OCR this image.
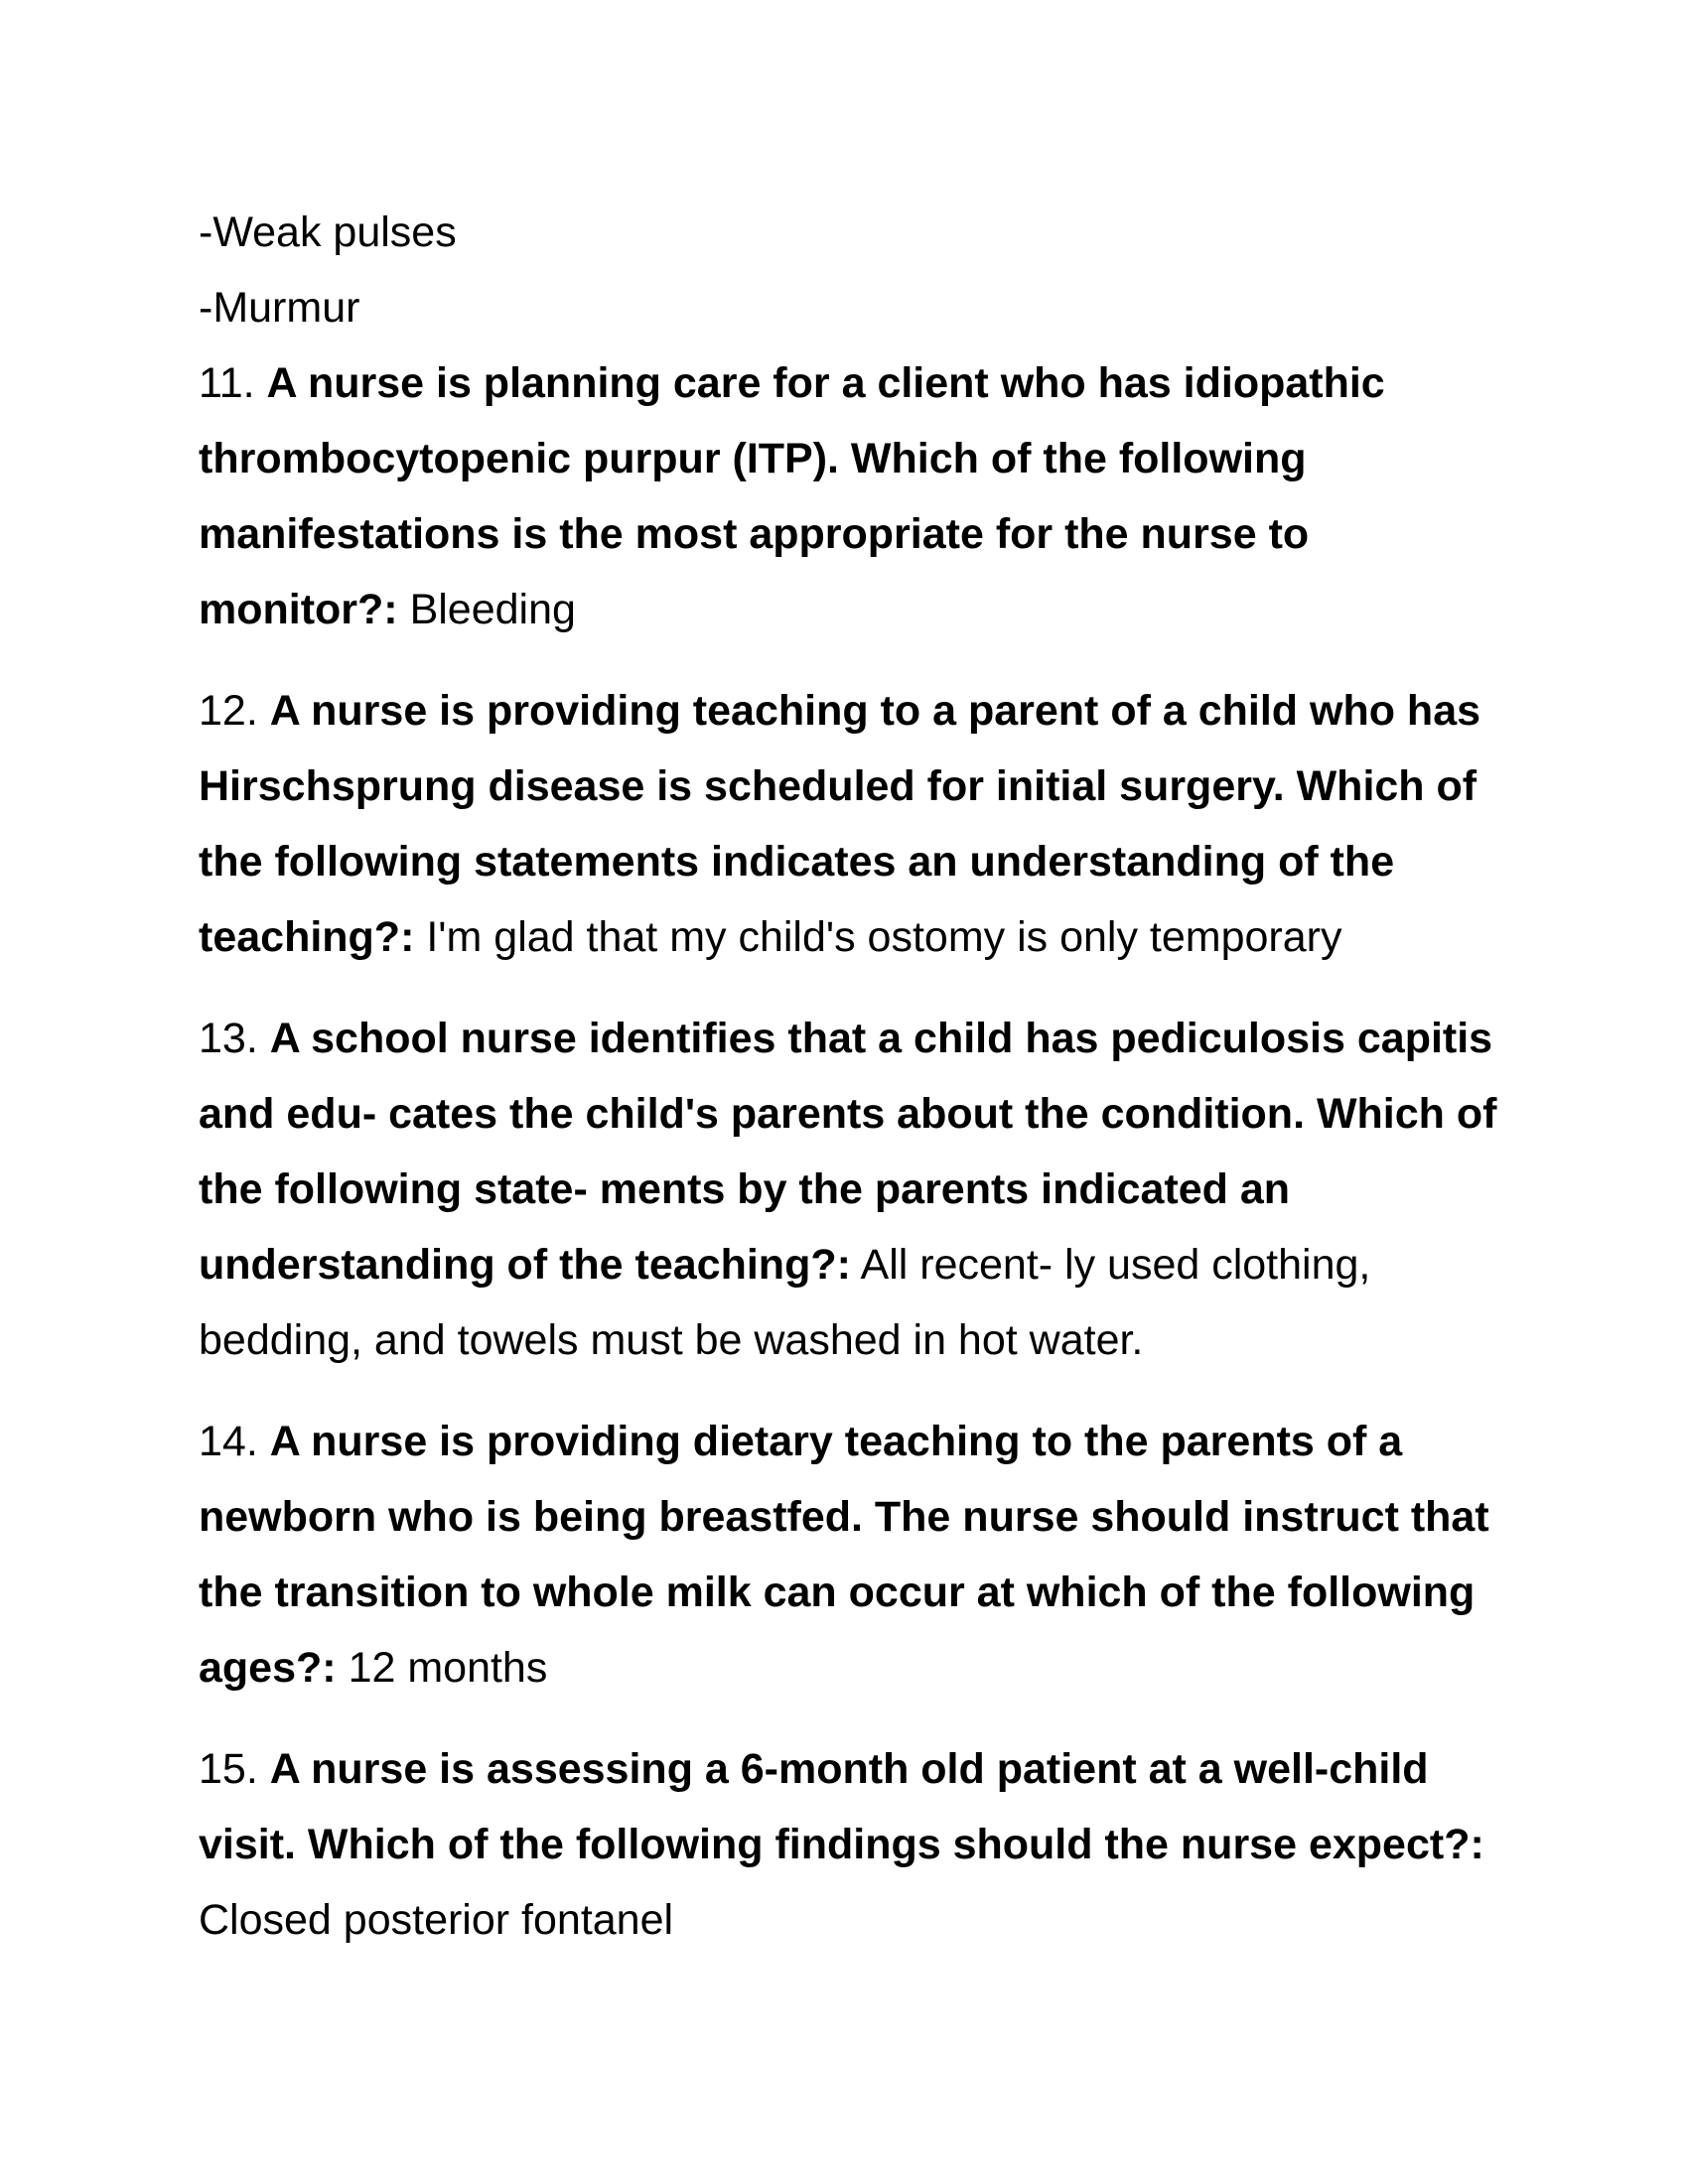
-Weak pulses

-Murmur

11. A nurse is planning care for a client who has idiopathic thrombocytopenic purpur (ITP). Which of the following manifestations is the most appropriate for the nurse to monitor?: Bleeding

12. A nurse is providing teaching to a parent of a child who has Hirschsprung disease is scheduled for initial surgery. Which of the following statements indicates an understanding of the teaching?: I'm glad that my child's ostomy is only temporary

13. A school nurse identifies that a child has pediculosis capitis and edu- cates the child's parents about the condition. Which of the following state- ments by the parents indicated an understanding of the teaching?: All recent- ly used clothing, bedding, and towels must be washed in hot water.

14. A nurse is providing dietary teaching to the parents of a newborn who is being breastfed. The nurse should instruct that the transition to whole milk can occur at which of the following ages?: 12 months

15. A nurse is assessing a 6-month old patient at a well-child visit. Which of the following findings should the nurse expect?: Closed posterior fontanel
